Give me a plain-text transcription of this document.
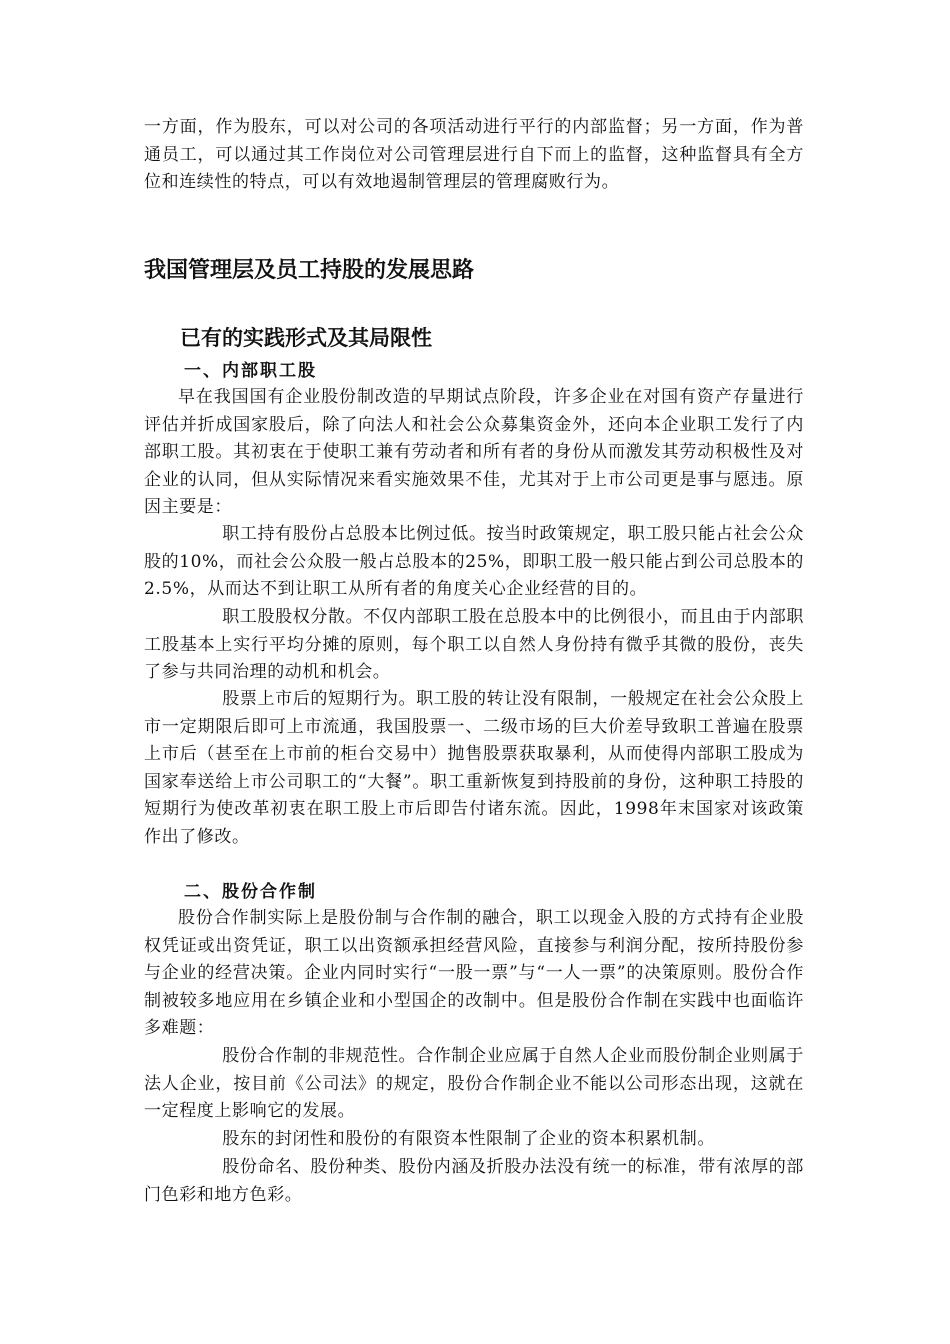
一方面，作为股东，可以对公司的各项活动进行平行的内部监督；另一方面，作为普通员工，可以通过其工作岗位对公司管理层进行自下而上的监督，这种监督具有全方位和连续性的特点，可以有效地遏制管理层的管理腐败行为。

我国管理层及员工持股的发展思路
已有的实践形式及其局限性
一、内部职工股

早在我国国有企业股份制改造的早期试点阶段，许多企业在对国有资产存量进行评估并折成国家股后，除了向法人和社会公众募集资金外，还向本企业职工发行了内部职工股。其初衷在于使职工兼有劳动者和所有者的身份从而激发其劳动积极性及对企业的认同，但从实际情况来看实施效果不佳，尤其对于上市公司更是事与愿违。原因主要是：

职工持有股份占总股本比例过低。按当时政策规定，职工股只能占社会公众股的10%，而社会公众股一般占总股本的25%，即职工股一般只能占到公司总股本的2.5%，从而达不到让职工从所有者的角度关心企业经营的目的。

职工股股权分散。不仅内部职工股在总股本中的比例很小，而且由于内部职工股基本上实行平均分摊的原则，每个职工以自然人身份持有微乎其微的股份，丧失了参与共同治理的动机和机会。

股票上市后的短期行为。职工股的转让没有限制，一般规定在社会公众股上市一定期限后即可上市流通，我国股票一、二级市场的巨大价差导致职工普遍在股票上市后（甚至在上市前的柜台交易中）抛售股票获取暴利，从而使得内部职工股成为国家奉送给上市公司职工的“大餐”。职工重新恢复到持股前的身份，这种职工持股的短期行为使改革初衷在职工股上市后即告付诸东流。因此，1998年末国家对该政策作出了修改。

二、股份合作制

股份合作制实际上是股份制与合作制的融合，职工以现金入股的方式持有企业股权凭证或出资凭证，职工以出资额承担经营风险，直接参与利润分配，按所持股份参与企业的经营决策。企业内同时实行“一股一票”与“一人一票”的决策原则。股份合作制被较多地应用在乡镇企业和小型国企的改制中。但是股份合作制在实践中也面临许多难题：

股份合作制的非规范性。合作制企业应属于自然人企业而股份制企业则属于法人企业，按目前《公司法》的规定，股份合作制企业不能以公司形态出现，这就在一定程度上影响它的发展。

股东的封闭性和股份的有限资本性限制了企业的资本积累机制。

股份命名、股份种类、股份内涵及折股办法没有统一的标准，带有浓厚的部门色彩和地方色彩。
